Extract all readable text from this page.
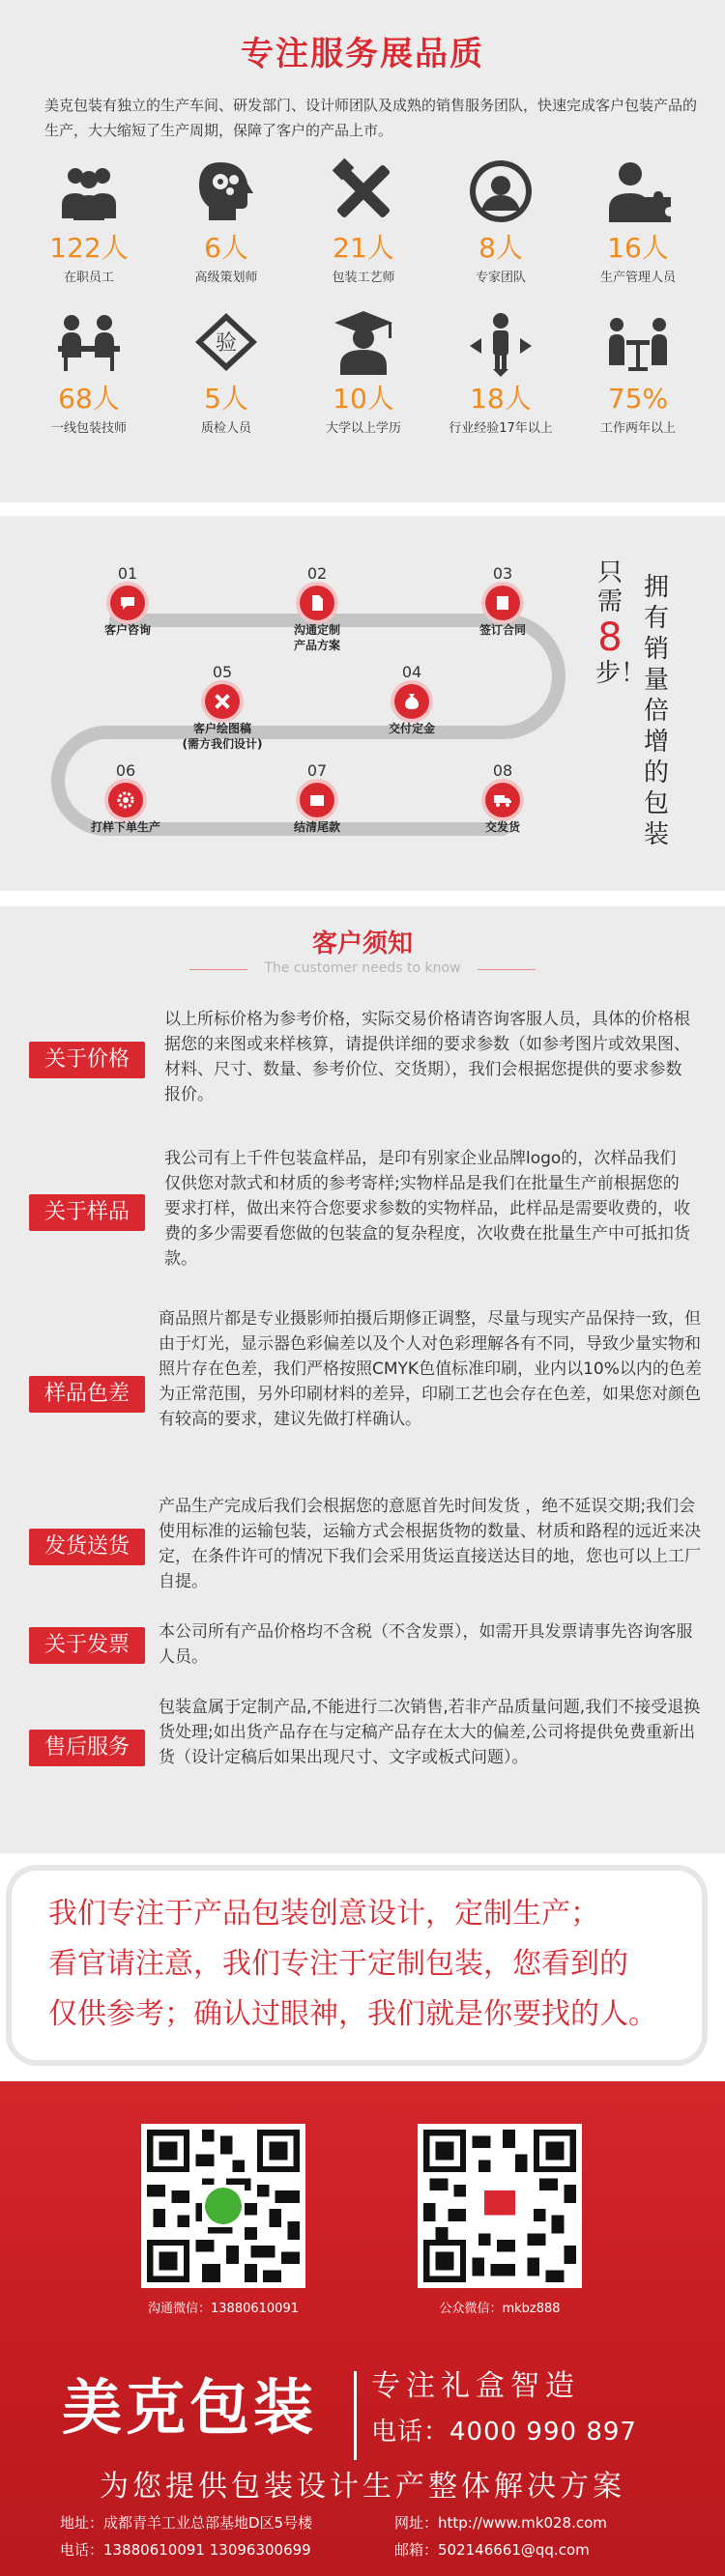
专注服务展品质
美克包装有独立的生产车间、研发部门、设计师团队及成熟的销售服务团队，快速完成客户包装产品的生产，大大缩短了生产周期，保障了客户的产品上市。
122人
在职员工
6人
高级策划师
21人
包装工艺师
8人
专家团队
16人
生产管理人员
68人
一线包装技师
验
5人
质检人员
10人
大学以上学历
18人
行业经验17年以上
75%
工作两年以上
01
客户咨询
02
沟通定制
产品方案
03
签订合同
04
交付定金
05
客户绘图稿
(需方我们设计)
06
打样下单生产
07
结清尾款
08
交发货
只需
8
步！
拥有销量倍增的包装
客户须知
The customer needs to know
关于价格
以上所标价格为参考价格，实际交易价格请咨询客服人员，具体的价格根据您的来图或来样核算，请提供详细的要求参数（如参考图片或效果图、材料、尺寸、数量、参考价位、交货期），我们会根据您提供的要求参数报价。
关于样品
我公司有上千件包装盒样品，是印有别家企业品牌logo的，次样品我们仅供您对款式和材质的参考寄样;实物样品是我们在批量生产前根据您的要求打样，做出来符合您要求参数的实物样品，此样品是需要收费的，收费的多少需要看您做的包装盒的复杂程度，次收费在批量生产中可抵扣货款。
样品色差
商品照片都是专业摄影师拍摄后期修正调整，尽量与现实产品保持一致，但由于灯光，显示器色彩偏差以及个人对色彩理解各有不同，导致少量实物和照片存在色差，我们严格按照CMYK色值标准印刷，业内以10%以内的色差为正常范围，另外印刷材料的差异，印刷工艺也会存在色差，如果您对颜色有较高的要求，建议先做打样确认。
发货送货
产品生产完成后我们会根据您的意愿首先时间发货 ，绝不延误交期;我们会使用标准的运输包装，运输方式会根据货物的数量、材质和路程的远近来决定，在条件许可的情况下我们会采用货运直接送达目的地，您也可以上工厂自提。
关于发票
本公司所有产品价格均不含税（不含发票），如需开具发票请事先咨询客服人员。
售后服务
包装盒属于定制产品,不能进行二次销售,若非产品质量问题,我们不接受退换货处理;如出货产品存在与定稿产品存在太大的偏差,公司将提供免费重新出货（设计定稿后如果出现尺寸、文字或板式问题）。
我们专注于产品包装创意设计，定制生产；
看官请注意，我们专注于定制包装，您看到的
仅供参考；确认过眼神，我们就是你要找的人。
沟通微信：13880610091	公众微信：mkbz888
美克包装 专注礼盒智造
电话：4000 990 897
为您提供包装设计生产整体解决方案
地址：成都青羊工业总部基地D区5号楼	网址：http://www.mk028.com
电话：13880610091 13096300699	邮箱：502146661@qq.com
